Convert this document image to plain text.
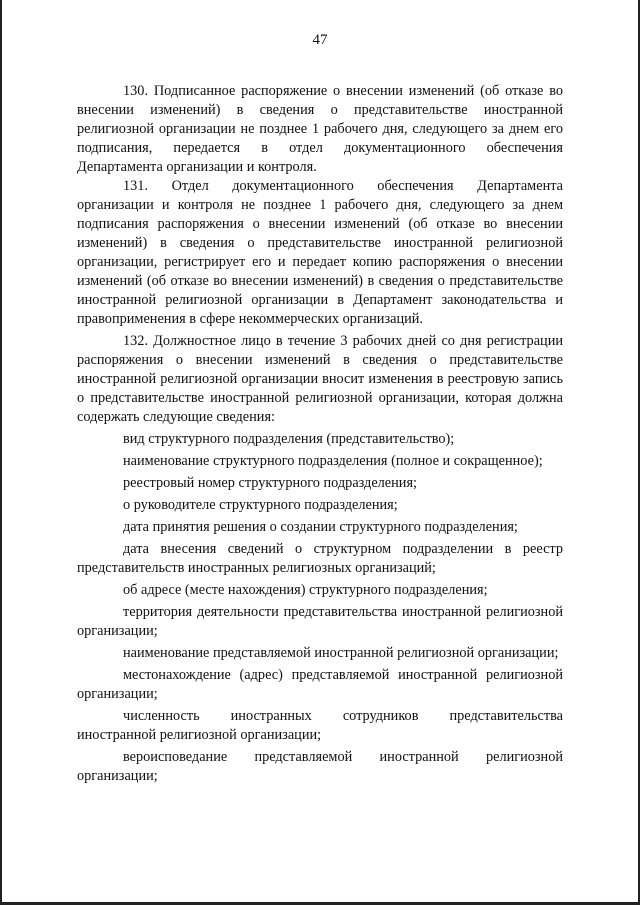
47

130. Подписанное распоряжение о внесении изменений (об отказе во внесении изменений) в сведения о представительстве иностранной религиозной организации не позднее 1 рабочего дня, следующего за днем его подписания, передается в отдел документационного обеспечения Департамента организации и контроля.

131. Отдел документационного обеспечения Департамента организации и контроля не позднее 1 рабочего дня, следующего за днем подписания распоряжения о внесении изменений (об отказе во внесении изменений) в сведения о представительстве иностранной религиозной организации, регистрирует его и передает копию распоряжения о внесении изменений (об отказе во внесении изменений) в сведения о представительстве иностранной религиозной организации в Департамент законодательства и правоприменения в сфере некоммерческих организаций.

132. Должностное лицо в течение 3 рабочих дней со дня регистрации распоряжения о внесении изменений в сведения о представительстве иностранной религиозной организации вносит изменения в реестровую запись о представительстве иностранной религиозной организации, которая должна содержать следующие сведения:

вид структурного подразделения (представительство);

наименование структурного подразделения (полное и сокращенное);

реестровый номер структурного подразделения;

о руководителе структурного подразделения;

дата принятия решения о создании структурного подразделения;

дата внесения сведений о структурном подразделении в реестр представительств иностранных религиозных организаций;

об адресе (месте нахождения) структурного подразделения;

территория деятельности представительства иностранной религиозной организации;

наименование представляемой иностранной религиозной организации;

местонахождение (адрес) представляемой иностранной религиозной организации;

численность иностранных сотрудников представительства иностранной религиозной организации;

вероисповедание представляемой иностранной религиозной организации;
